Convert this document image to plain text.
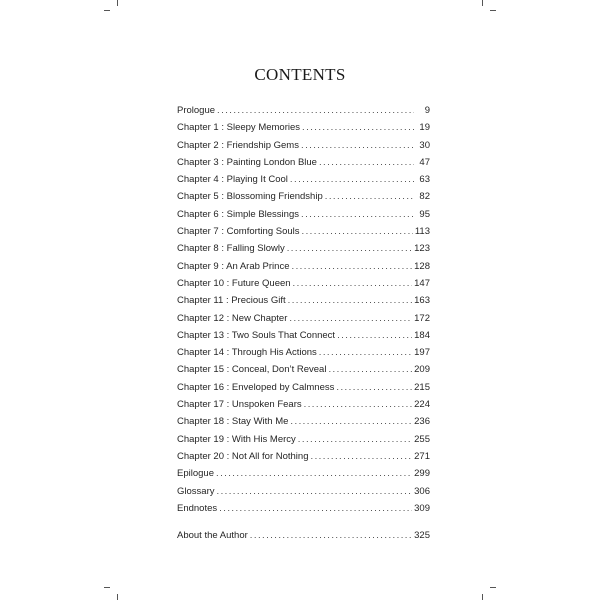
CONTENTS
Prologue . . .	9
Chapter 1 : Sleepy Memories . . .	19
Chapter 2 : Friendship Gems . . .	30
Chapter 3 : Painting London Blue . . .	47
Chapter 4 : Playing It Cool . . .	63
Chapter 5 : Blossoming Friendship . . .	82
Chapter 6 : Simple Blessings . . .	95
Chapter 7 : Comforting Souls . . .	113
Chapter 8 : Falling Slowly . . .	123
Chapter 9 : An Arab Prince . . .	128
Chapter 10 : Future Queen . . .	147
Chapter 11 : Precious Gift . . .	163
Chapter 12 : New Chapter . . .	172
Chapter 13 : Two Souls That Connect . . .	184
Chapter 14 : Through His Actions . . .	197
Chapter 15 : Conceal, Don’t Reveal . . .	209
Chapter 16 : Enveloped by Calmness . . .	215
Chapter 17 : Unspoken Fears . . .	224
Chapter 18 : Stay With Me . . .	236
Chapter 19 : With His Mercy . . .	255
Chapter 20 : Not All for Nothing . . .	271
Epilogue . . .	299
Glossary . . .	306
Endnotes . . .	309
About the Author . . .	325
